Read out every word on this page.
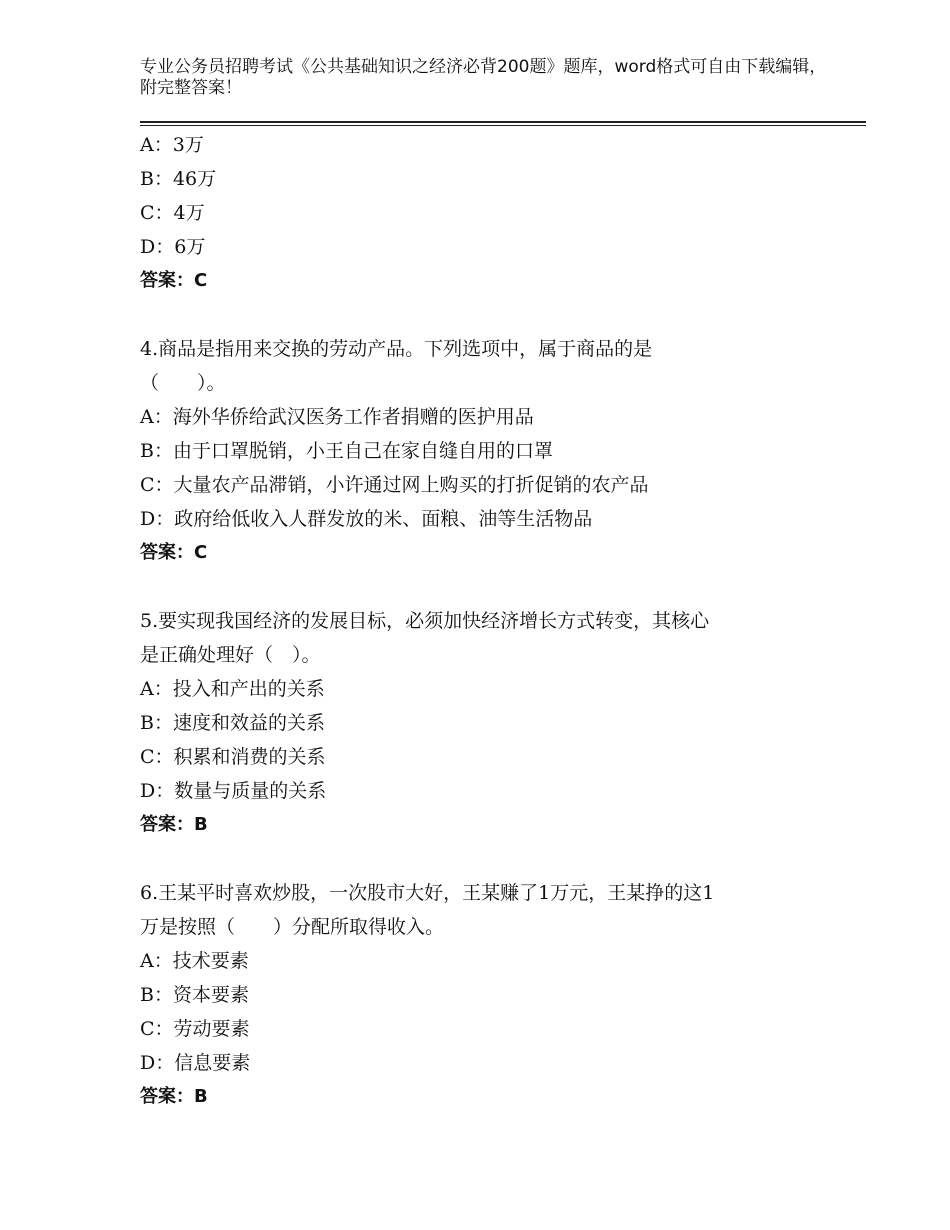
专业公务员招聘考试《公共基础知识之经济必背200题》题库，word格式可自由下载编辑，附完整答案！
A：3万
B：46万
C：4万
D：6万
答案：C
4.商品是指用来交换的劳动产品。下列选项中，属于商品的是
（　　）。
A：海外华侨给武汉医务工作者捐赠的医护用品
B：由于口罩脱销，小王自己在家自缝自用的口罩
C：大量农产品滞销，小许通过网上购买的打折促销的农产品
D：政府给低收入人群发放的米、面粮、油等生活物品
答案：C
5.要实现我国经济的发展目标，必须加快经济增长方式转变，其核心
是正确处理好（　）。
A：投入和产出的关系
B：速度和效益的关系
C：积累和消费的关系
D：数量与质量的关系
答案：B
6.王某平时喜欢炒股，一次股市大好，王某赚了1万元，王某挣的这1
万是按照（　　）分配所取得收入。
A：技术要素
B：资本要素
C：劳动要素
D：信息要素
答案：B
